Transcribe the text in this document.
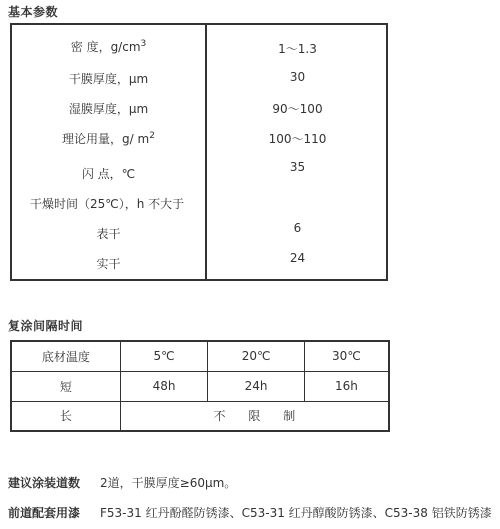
基本参数
密 度，$g/cm^3$	1～1.3
干膜厚度，μm	30
湿膜厚度，μm	90～100
理论用量，g/ $m^2$	100～110
闪 点，℃	35
干燥时间（25℃），h 不大于
表干	6
实干	24
复涂间隔时间
底材温度	5℃	20℃	30℃
短	48h	24h	16h
长	不      限      制		
建议涂装道数 2道，干膜厚度≥60μm。
前道配套用漆 F53-31 红丹酚醛防锈漆、C53-31 红丹醇酸防锈漆、C53-38 铝铁防锈漆
